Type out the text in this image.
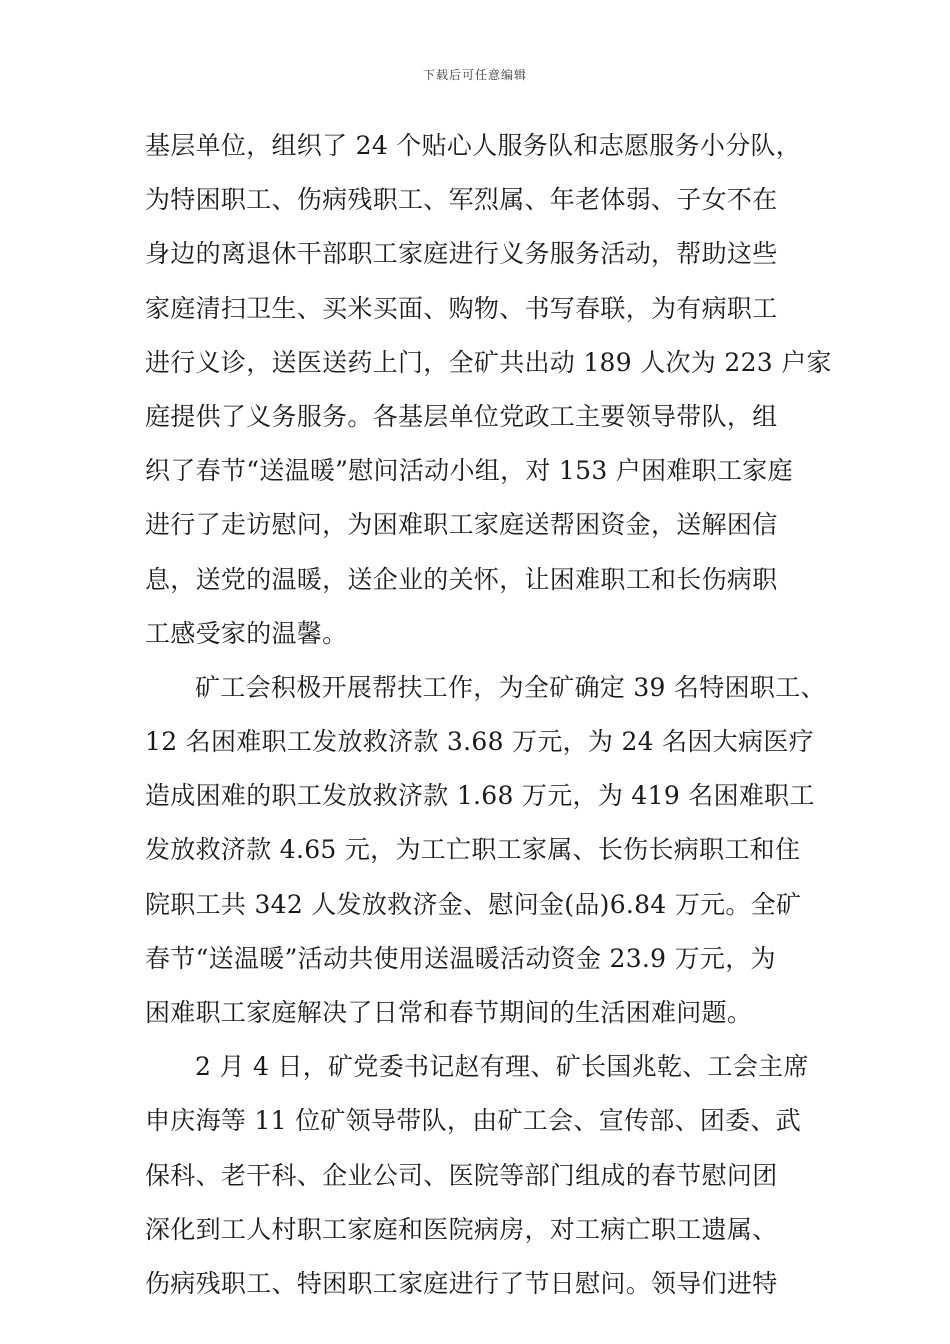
下载后可任意编辑
基层单位，组织了 24 个贴心人服务队和志愿服务小分队，
为特困职工、伤病残职工、军烈属、年老体弱、子女不在
身边的离退休干部职工家庭进行义务服务活动，帮助这些
家庭清扫卫生、买米买面、购物、书写春联，为有病职工
进行义诊，送医送药上门，全矿共出动 189 人次为 223 户家
庭提供了义务服务。各基层单位党政工主要领导带队，组
织了春节“送温暖”慰问活动小组，对 153 户困难职工家庭
进行了走访慰问，为困难职工家庭送帮困资金，送解困信
息，送党的温暖，送企业的关怀，让困难职工和长伤病职
工感受家的温馨。
矿工会积极开展帮扶工作，为全矿确定 39 名特困职工、
12 名困难职工发放救济款 3.68 万元，为 24 名因大病医疗
造成困难的职工发放救济款 1.68 万元，为 419 名困难职工
发放救济款 4.65 元，为工亡职工家属、长伤长病职工和住
院职工共 342 人发放救济金、慰问金(品)6.84 万元。全矿
春节“送温暖”活动共使用送温暖活动资金 23.9 万元，为
困难职工家庭解决了日常和春节期间的生活困难问题。
2 月 4 日，矿党委书记赵有理、矿长国兆乾、工会主席
申庆海等 11 位矿领导带队，由矿工会、宣传部、团委、武
保科、老干科、企业公司、医院等部门组成的春节慰问团
深化到工人村职工家庭和医院病房，对工病亡职工遗属、
伤病残职工、特困职工家庭进行了节日慰问。领导们进特
